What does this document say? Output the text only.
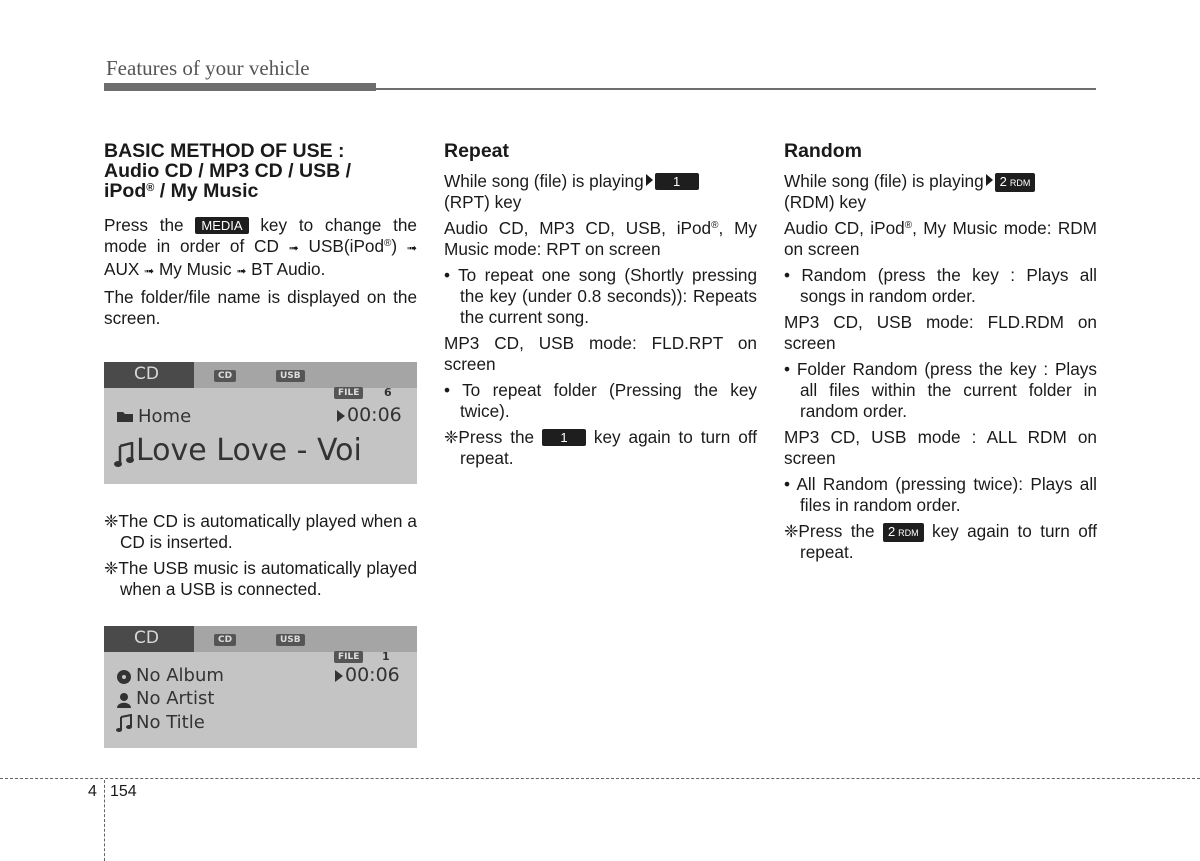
Features of your vehicle
BASIC METHOD OF USE :
Audio CD / MP3 CD / USB /
iPod® / My Music

Press the MEDIA key to change the mode in order of CD ➟ USB(iPod®) ➟ AUX ➟ My Music ➟ BT Audio.

The folder/file name is displayed on the screen.

CD	CD	USB
FILE	6
Home	00:06
Love Love - Voi

❈The CD is automatically played when a CD is inserted.

❈The USB music is automatically played when a USB is connected.

CD	CD	USB
FILE	1
No Album	00:06
No Artist
No Title
Repeat

While song (file) is playing 1
(RPT) key

Audio CD, MP3 CD, USB, iPod®, My Music mode: RPT on screen

• To repeat one song (Shortly pressing the key (under 0.8 seconds)): Repeats the current song.

MP3 CD, USB mode: FLD.RPT on screen

• To repeat folder (Pressing the key twice).

❈Press the 1 key again to turn off repeat.

Random

While song (file) is playing 2 RDM
(RDM) key

Audio CD, iPod®, My Music mode: RDM on screen

• Random (press the key : Plays all songs in random order.

MP3 CD, USB mode: FLD.RDM on screen

• Folder Random (press the key : Plays all files within the current folder in random order.

MP3 CD, USB mode : ALL RDM on screen

• All Random (pressing twice): Plays all files in random order.

❈Press the 2 RDM key again to turn off repeat.

4 154
